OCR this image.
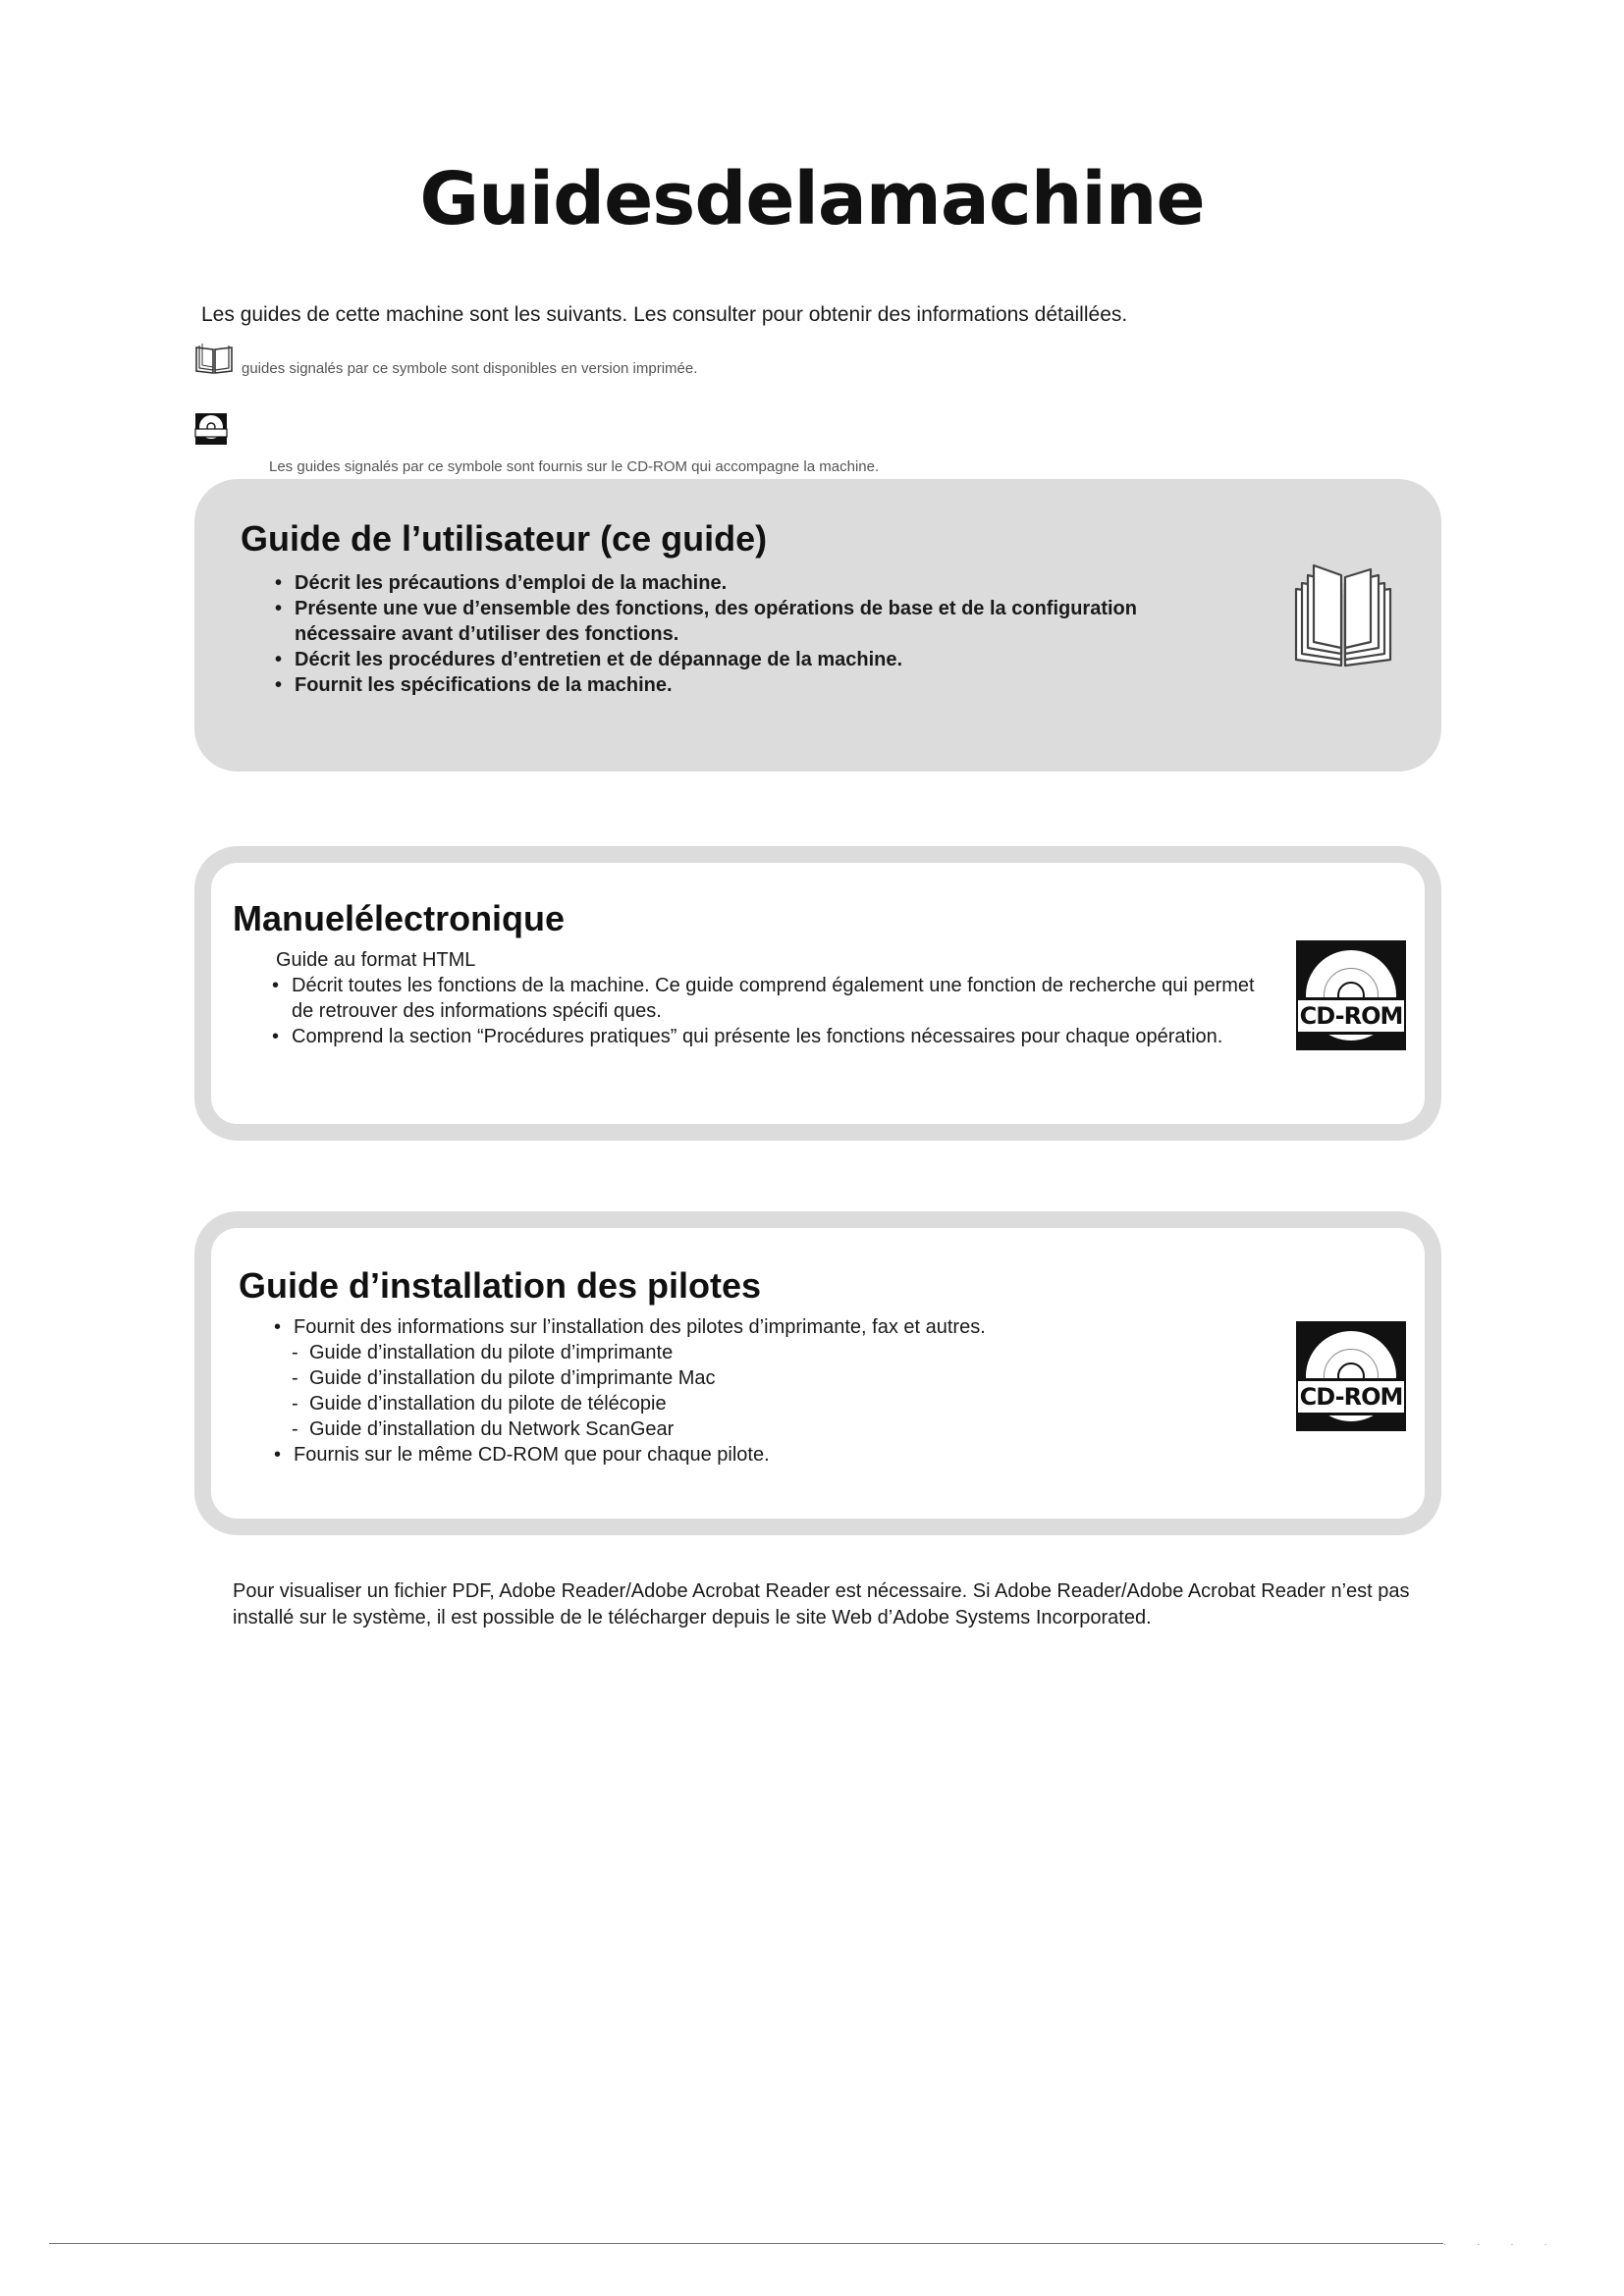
Guidesdelamachine
Les guides de cette machine sont les suivants. Les consulter pour obtenir des informations détaillées.
guides signalés par ce symbole sont disponibles en version imprimée.
Les guides signalés par ce symbole sont fournis sur le CD-ROM qui accompagne la machine.
Guide de l’utilisateur (ce guide)
• Décrit les précautions d’emploi de la machine.
• Présente une vue d’ensemble des fonctions, des opérations de base et de la configuration nécessaire avant d’utiliser des fonctions.
• Décrit les procédures d’entretien et de dépannage de la machine.
• Fournit les spécifications de la machine.
Manuelélectronique
Guide au format HTML
• Décrit toutes les fonctions de la machine. Ce guide comprend également une fonction de recherche qui permet de retrouver des informations spécifi ques.
• Comprend la section “Procédures pratiques” qui présente les fonctions nécessaires pour chaque opération.
CD-ROM
Guide d’installation des pilotes
• Fournit des informations sur l’installation des pilotes d’imprimante, fax et autres.
- Guide d’installation du pilote d’imprimante
- Guide d’installation du pilote d’imprimante Mac
- Guide d’installation du pilote de télécopie
- Guide d’installation du Network ScanGear
• Fournis sur le même CD-ROM que pour chaque pilote.
CD-ROM
Pour visualiser un fichier PDF, Adobe Reader/Adobe Acrobat Reader est nécessaire. Si Adobe Reader/Adobe Acrobat Reader n’est pas installé sur le système, il est possible de le télécharger depuis le site Web d’Adobe Systems Incorporated.
· · · ·
